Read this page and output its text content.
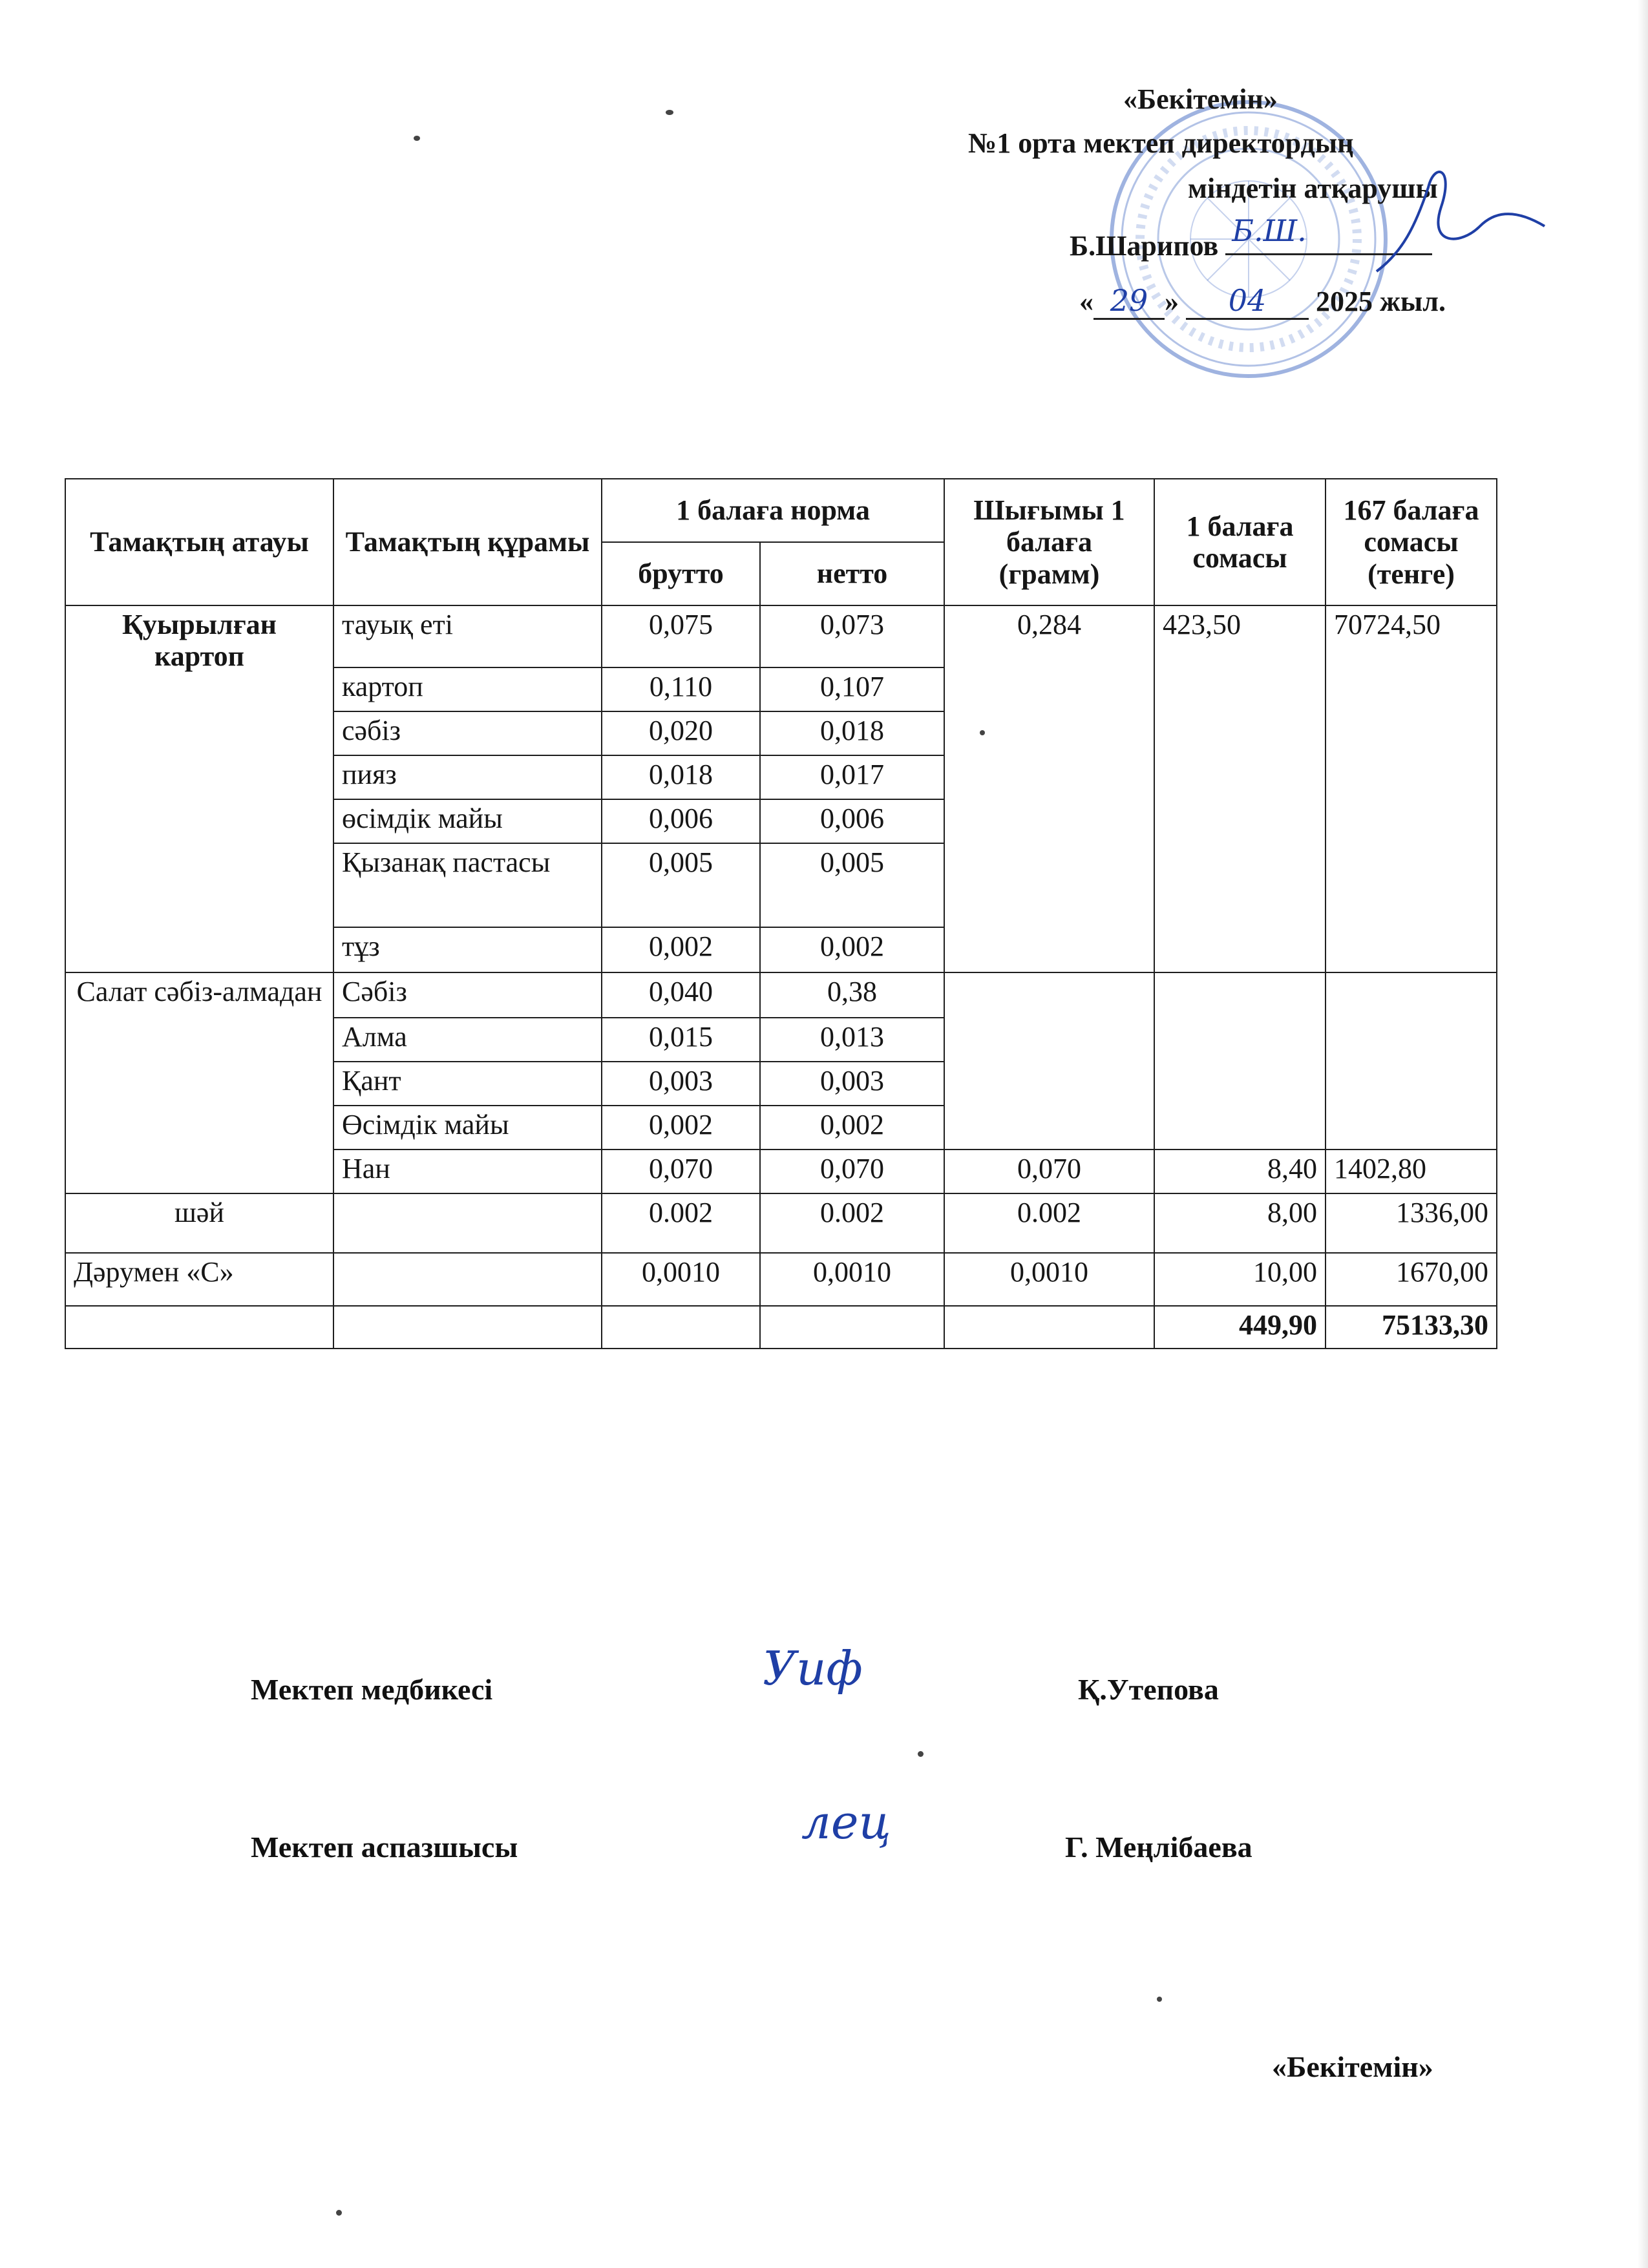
«Бекітемін»
№1 орта мектеп директордың
міндетін атқарушы
Б.Шарипов Б.Ш.
« 29 » 04 2025 жыл.
Тамақтың атауы	Тамақтың құрамы	1 балаға норма		Шығымы 1 балаға (грамм)	1 балаға сомасы	167 балаға сомасы (тенге)
		брутто	нетто			
Қуырылған картоп	тауық еті	0,075	0,073	0,284	423,50	70724,50
	картоп	0,110	0,107			
	сәбіз	0,020	0,018			
	пияз	0,018	0,017			
	өсімдік майы	0,006	0,006			
	Қызанақ пастасы	0,005	0,005			
	тұз	0,002	0,002			
Салат сәбіз-алмадан	Сәбіз	0,040	0,38			
	Алма	0,015	0,013			
	Қант	0,003	0,003			
	Өсімдік майы	0,002	0,002			
	Нан	0,070	0,070	0,070	8,40	1402,80
шәй		0.002	0.002	0.002	8,00	1336,00
Дәрумен «С»		0,0010	0,0010	0,0010	10,00	1670,00
					449,90	75133,30
Мектеп медбикесі	Уиф	Қ.Утепова
Мектеп аспазшысы	лец	Г. Меңлібаева
«Бекітемін»
